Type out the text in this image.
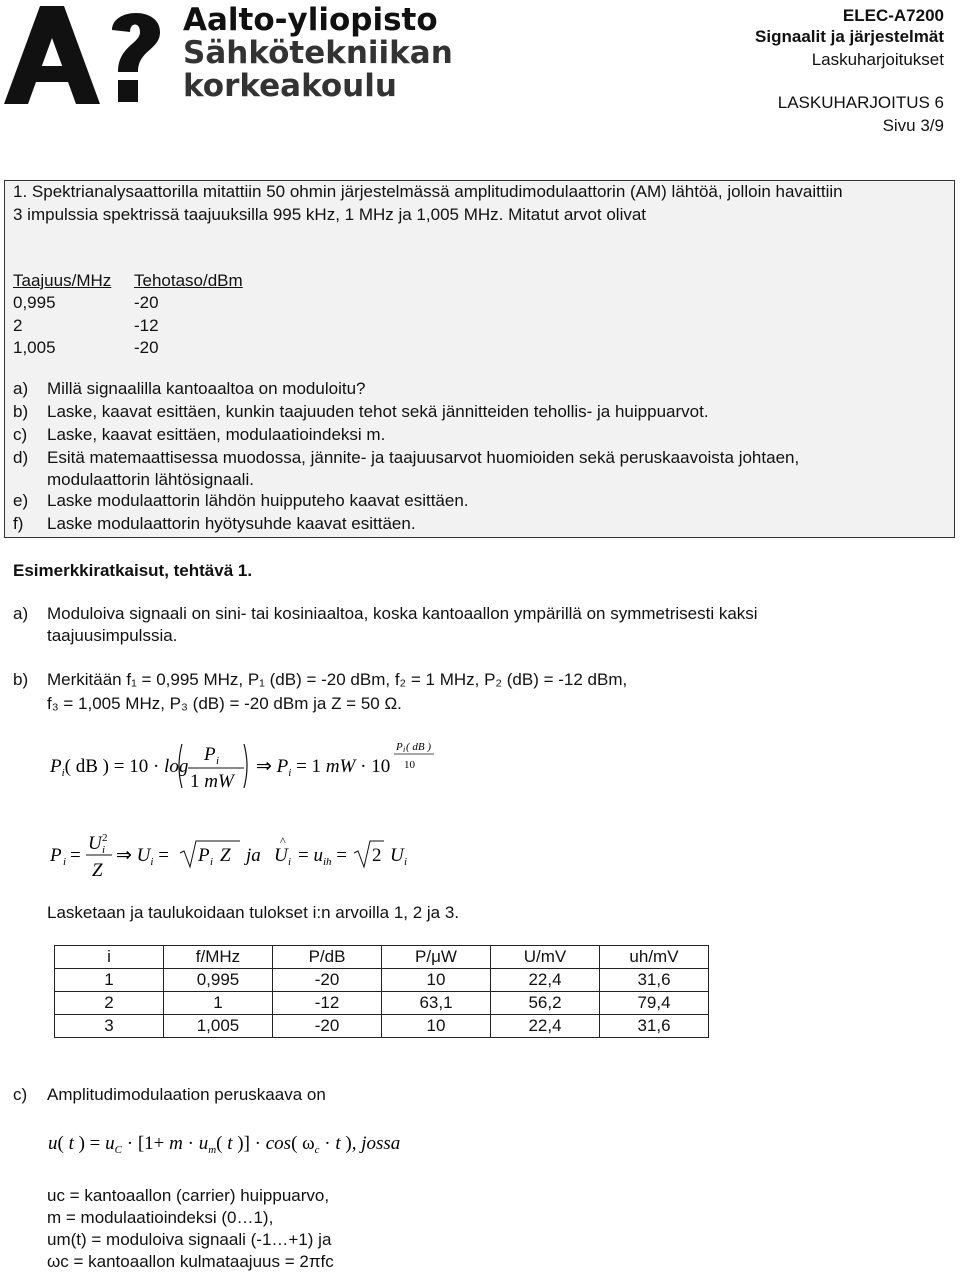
Aalto-yliopisto
Sähkötekniikan
korkeakoulu
ELEC-A7200
Signaalit ja järjestelmät
Laskuharjoitukset
LASKUHARJOITUS 6
Sivu 3/9
1. Spektrianalysaattorilla mitattiin 50 ohmin järjestelmässä amplitudimodulaattorin (AM) lähtöä, jolloin havaittiin
3 impulssia spektrissä taajuuksilla 995 kHz, 1 MHz ja 1,005 MHz. Mitatut arvot olivat
Taajuus/MHz Tehotaso/dBm
0,995	-20
2	-12
1,005	-20
a) Millä signaalilla kantoaaltoa on moduloitu?
b) Laske, kaavat esittäen, kunkin taajuuden tehot sekä jännitteiden tehollis- ja huippuarvot.
c) Laske, kaavat esittäen, modulaatioindeksi m.
d) Esitä matemaattisessa muodossa, jännite- ja taajuusarvot huomioiden sekä peruskaavoista johtaen,
modulaattorin lähtösignaali.
e) Laske modulaattorin lähdön huipputeho kaavat esittäen.
f) Laske modulaattorin hyötysuhde kaavat esittäen.
Esimerkkiratkaisut, tehtävä 1.
a) Moduloiva signaali on sini- tai kosiniaaltoa, koska kantoaallon ympärillä on symmetrisesti kaksi
taajuusimpulssia.
b) Merkitään f₁ = 0,995 MHz, P₁ (dB) = -20 dBm, f₂ = 1 MHz, P₂ (dB) = -12 dBm,
f₃ = 1,005 MHz, P₃ (dB) = -20 dBm ja Z = 50 Ω.
$P_i$( dB ) = 10 · log
P i
1 mW
⇒ $P_i = 1$ mW · 10
P i ( dB )
10
P i =
U i
2
Z
⇒ $U_i = P$ i Z ja
^
U $i = u_{ih} = 2$ U i
Lasketaan ja taulukoidaan tulokset i:n arvoilla 1, 2 ja 3.
i	f/MHz	P/dB	P/μW	U/mV	uh/mV
1	0,995	-20	10	22,4	31,6
2	1	-12	63,1	56,2	79,4
3	1,005	-20	10	22,4	31,6
c) Amplitudimodulaation peruskaava on
u( t ) = $u_C \cdot [1+ m \cdot u_m$( t )] · cos( $\omega_c \cdot t$ ), jossa
uc = kantoaallon (carrier) huippuarvo,
m = modulaatioindeksi (0…1),
um(t) = moduloiva signaali (-1…+1) ja
ωc = kantoaallon kulmataajuus = 2πfc
